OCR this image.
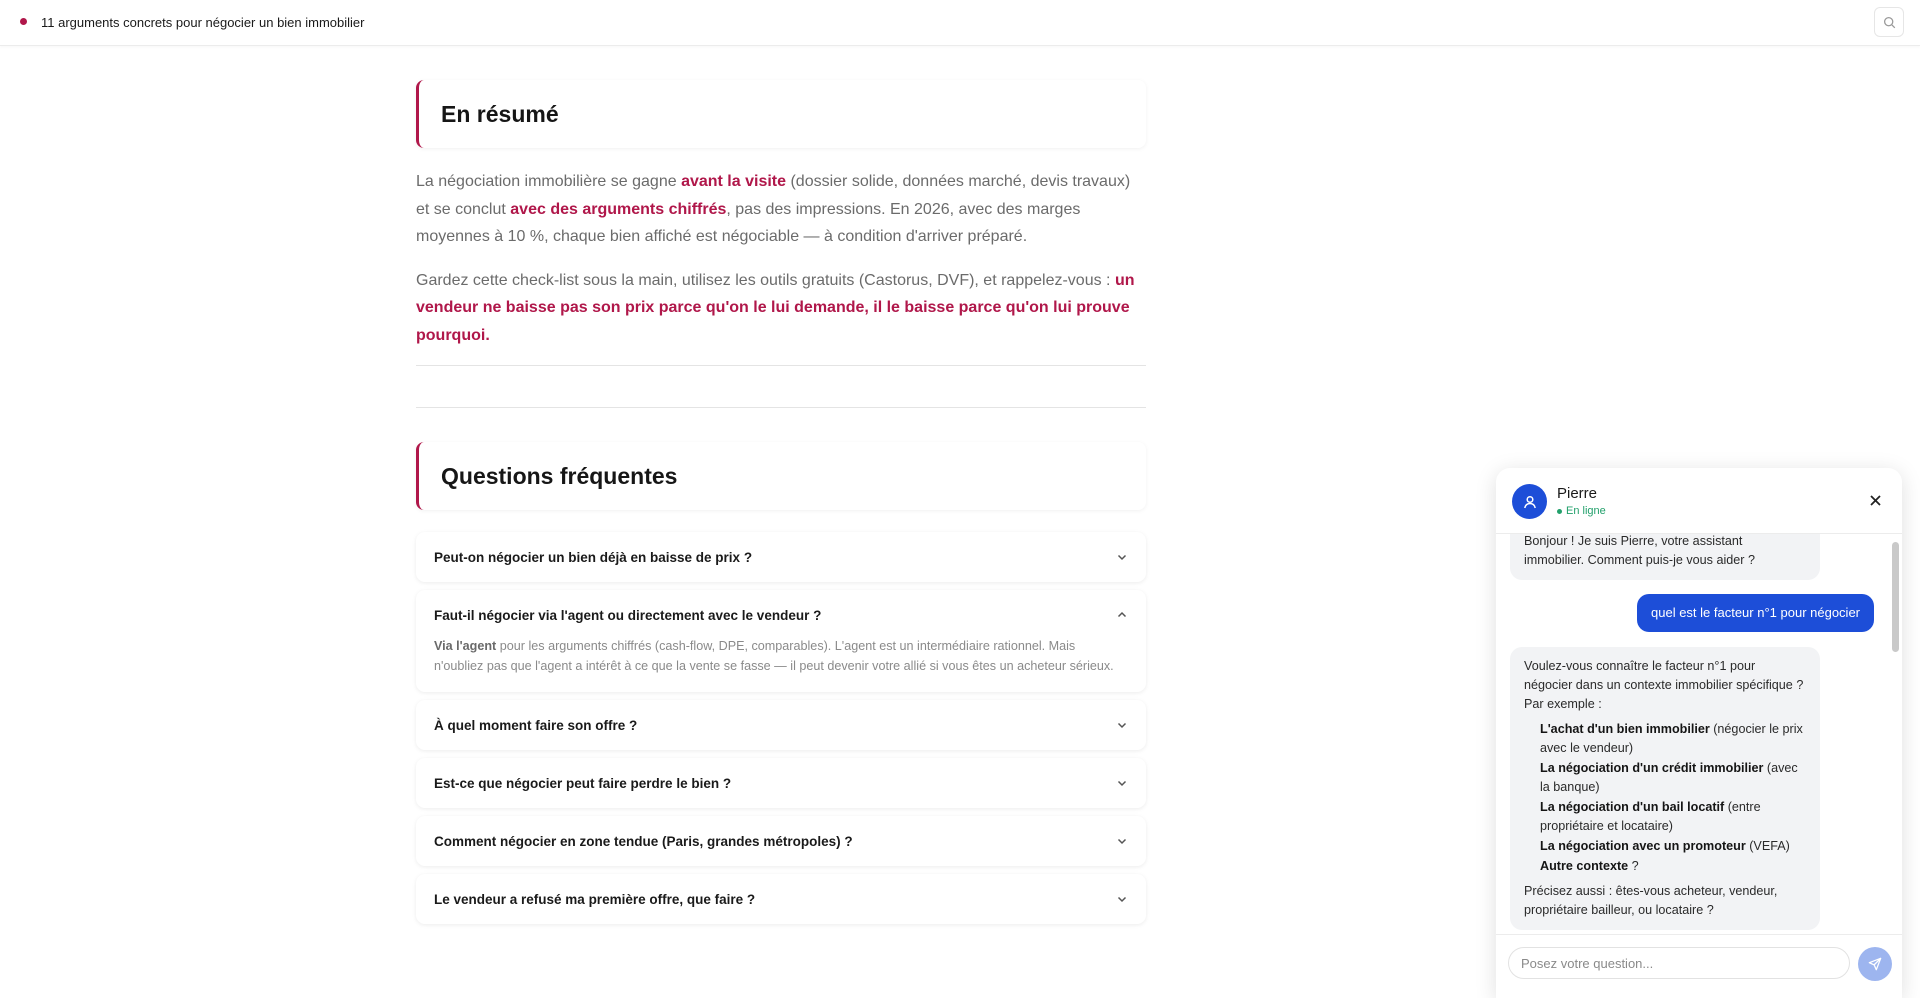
11 arguments concrets pour négocier un bien immobilier
En résumé

La négociation immobilière se gagne avant la visite (dossier solide, données marché, devis travaux) et se conclut avec des arguments chiffrés, pas des impressions. En 2026, avec des marges moyennes à 10 %, chaque bien affiché est négociable — à condition d'arriver préparé.

Gardez cette check-list sous la main, utilisez les outils gratuits (Castorus, DVF), et rappelez-vous : un vendeur ne baisse pas son prix parce qu'on le lui demande, il le baisse parce qu'on lui prouve pourquoi.

Questions fréquentes
Peut-on négocier un bien déjà en baisse de prix ?
Faut-il négocier via l'agent ou directement avec le vendeur ?
Via l'agent pour les arguments chiffrés (cash-flow, DPE, comparables). L'agent est un intermédiaire rationnel. Mais n'oubliez pas que l'agent a intérêt à ce que la vente se fasse — il peut devenir votre allié si vous êtes un acheteur sérieux.
À quel moment faire son offre ?
Est-ce que négocier peut faire perdre le bien ?
Comment négocier en zone tendue (Paris, grandes métropoles) ?
Le vendeur a refusé ma première offre, que faire ?
Pierre
En ligne
Bonjour ! Je suis Pierre, votre assistant immobilier. Comment puis-je vous aider ?
quel est le facteur n°1 pour négocier
Voulez-vous connaître le facteur n°1 pour négocier dans un contexte immobilier spécifique ? Par exemple :
L'achat d'un bien immobilier (négocier le prix avec le vendeur)
La négociation d'un crédit immobilier (avec la banque)
La négociation d'un bail locatif (entre propriétaire et locataire)
La négociation avec un promoteur (VEFA)
Autre contexte ?
Précisez aussi : êtes-vous acheteur, vendeur, propriétaire bailleur, ou locataire ?
Posez votre question...
